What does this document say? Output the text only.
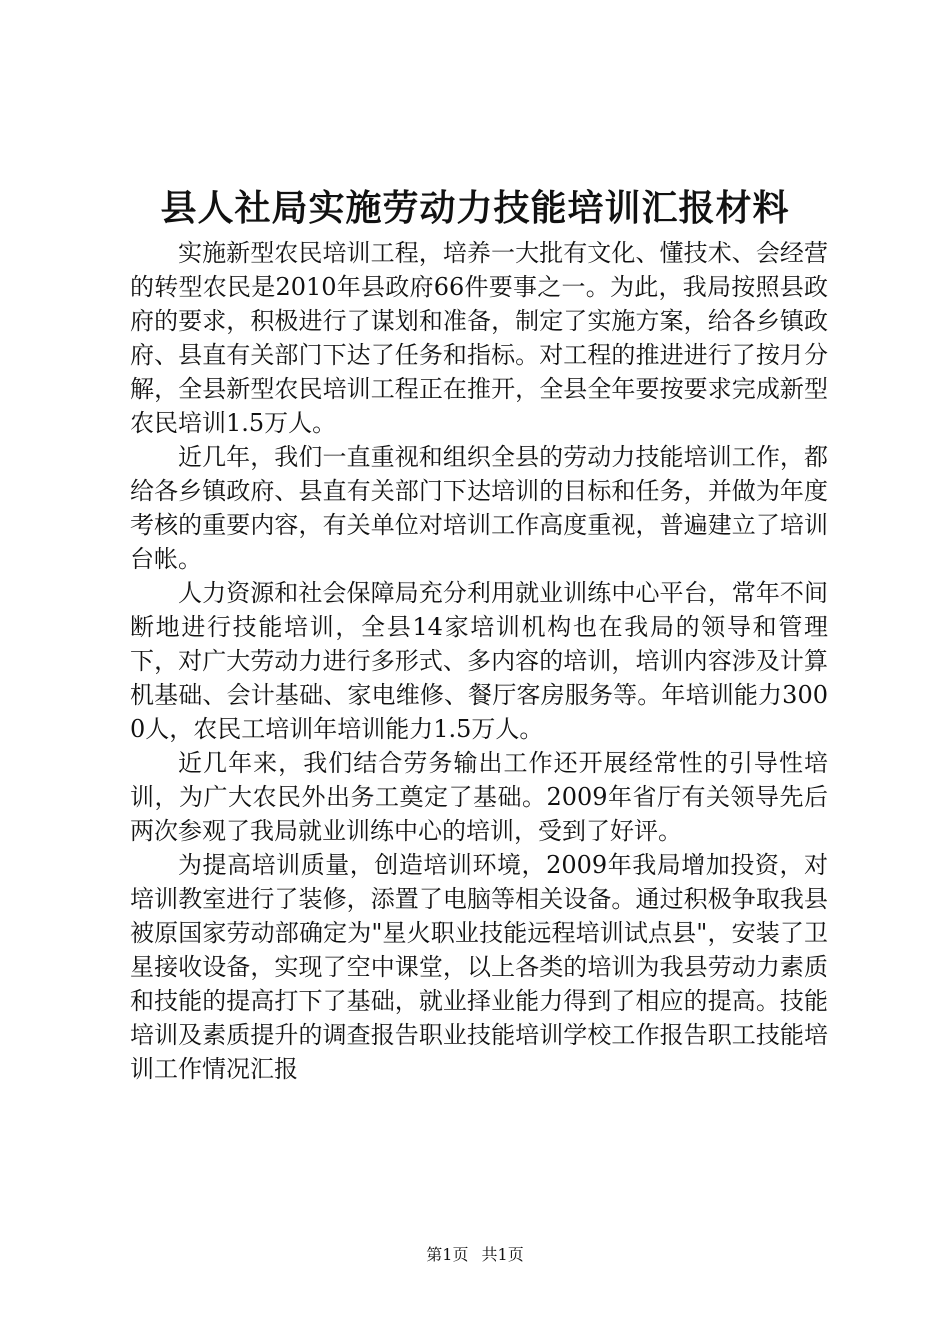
县人社局实施劳动力技能培训汇报材料

实施新型农民培训工程，培养一大批有文化、懂技术、会经营的转型农民是2010年县政府66件要事之一。为此，我局按照县政府的要求，积极进行了谋划和准备，制定了实施方案，给各乡镇政府、县直有关部门下达了任务和指标。对工程的推进进行了按月分解，全县新型农民培训工程正在推开，全县全年要按要求完成新型农民培训1.5万人。

近几年，我们一直重视和组织全县的劳动力技能培训工作，都给各乡镇政府、县直有关部门下达培训的目标和任务，并做为年度考核的重要内容，有关单位对培训工作高度重视，普遍建立了培训台帐。

人力资源和社会保障局充分利用就业训练中心平台，常年不间断地进行技能培训，全县14家培训机构也在我局的领导和管理下，对广大劳动力进行多形式、多内容的培训，培训内容涉及计算机基础、会计基础、家电维修、餐厅客房服务等。年培训能力3000人，农民工培训年培训能力1.5万人。

近几年来，我们结合劳务输出工作还开展经常性的引导性培训，为广大农民外出务工奠定了基础。2009年省厅有关领导先后两次参观了我局就业训练中心的培训，受到了好评。

为提高培训质量，创造培训环境，2009年我局增加投资，对培训教室进行了装修，添置了电脑等相关设备。通过积极争取我县被原国家劳动部确定为"星火职业技能远程培训试点县"，安装了卫星接收设备，实现了空中课堂，以上各类的培训为我县劳动力素质和技能的提高打下了基础，就业择业能力得到了相应的提高。技能培训及素质提升的调查报告职业技能培训学校工作报告职工技能培训工作情况汇报

第1页 共1页
